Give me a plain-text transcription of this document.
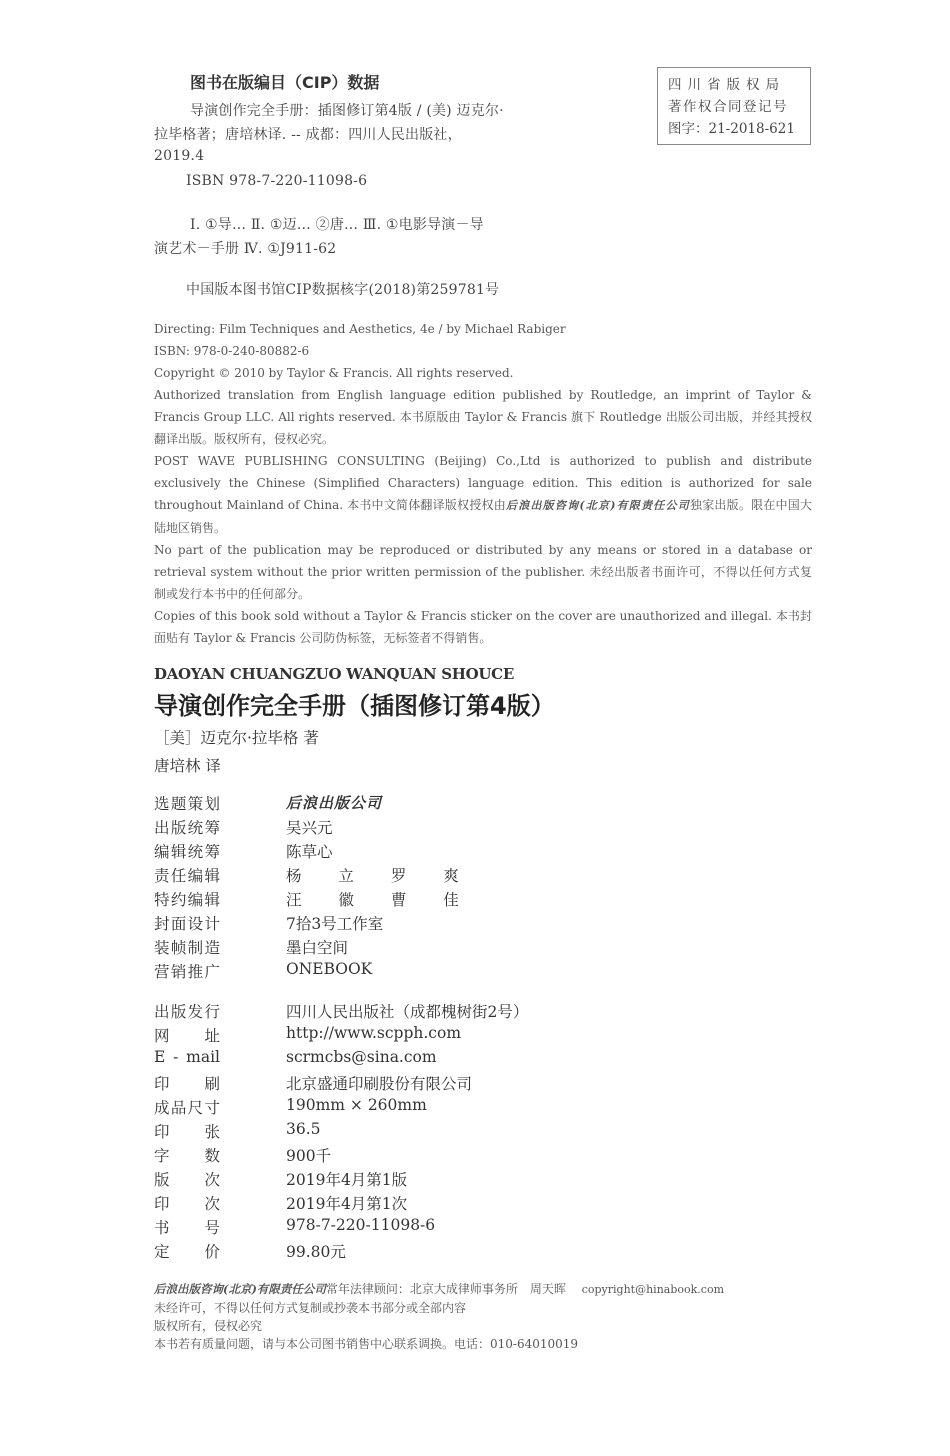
图书在版编目（CIP）数据
导演创作完全手册：插图修订第4版 / (美) 迈克尔·
拉毕格著；唐培林译. -- 成都：四川人民出版社，
2019.4
ISBN 978-7-220-11098-6
Ⅰ. ①导… Ⅱ. ①迈… ②唐… Ⅲ. ①电影导演－导
演艺术－手册 Ⅳ. ①J911-62
中国版本图书馆CIP数据核字(2018)第259781号
四川省版权局
著作权合同登记号
图字：21-2018-621

Directing: Film Techniques and Aesthetics, 4e / by Michael Rabiger

ISBN: 978-0-240-80882-6

Copyright © 2010 by Taylor & Francis. All rights reserved.

Authorized translation from English language edition published by Routledge, an imprint of Taylor & Francis Group LLC. All rights reserved. 本书原版由 Taylor & Francis 旗下 Routledge 出版公司出版，并经其授权翻译出版。版权所有，侵权必究。

POST WAVE PUBLISHING CONSULTING (Beijing) Co.,Ltd is authorized to publish and distribute exclusively the Chinese (Simplified Characters) language edition. This edition is authorized for sale throughout Mainland of China. 本书中文简体翻译版权授权由后浪出版咨询(北京)有限责任公司独家出版。限在中国大陆地区销售。

No part of the publication may be reproduced or distributed by any means or stored in a database or retrieval system without the prior written permission of the publisher. 未经出版者书面许可，不得以任何方式复制或发行本书中的任何部分。

Copies of this book sold without a Taylor & Francis sticker on the cover are unauthorized and illegal. 本书封面贴有 Taylor & Francis 公司防伪标签，无标签者不得销售。

DAOYAN CHUANGZUO WANQUAN SHOUCE
导演创作完全手册（插图修订第4版）
［美］迈克尔·拉毕格 著
唐培林 译
选题策划	后浪出版公司
出版统筹	吴兴元
编辑统筹	陈草心
责任编辑	杨 立 罗 爽
特约编辑	汪 徽 曹 佳
封面设计	7拾3号工作室
装帧制造	墨白空间
营销推广	ONEBOOK
出版发行	四川人民出版社（成都槐树街2号）
网址	http://www.scpph.com
E - mail	scrmcbs@sina.com
印刷	北京盛通印刷股份有限公司
成品尺寸	190mm × 260mm
印张	36.5
字数	900千
版次	2019年4月第1版
印次	2019年4月第1次
书号	978-7-220-11098-6
定价	99.80元
后浪出版咨询(北京)有限责任公司常年法律顾问：北京大成律师事务所　周天晖 copyright@hinabook.com
未经许可，不得以任何方式复制或抄袭本书部分或全部内容
版权所有，侵权必究
本书若有质量问题，请与本公司图书销售中心联系调换。电话：010-64010019
